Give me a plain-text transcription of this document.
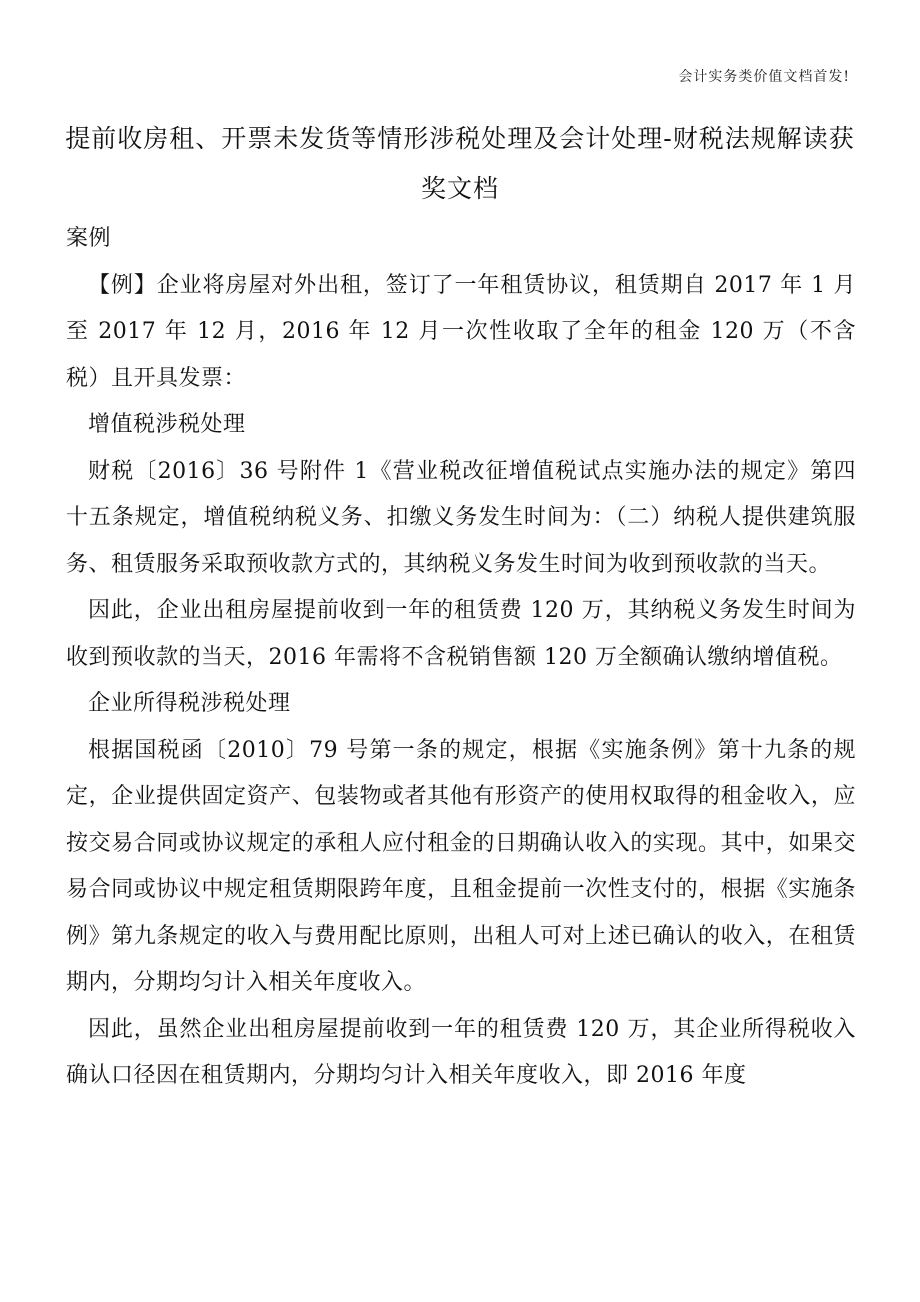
会计实务类价值文档首发!
提前收房租、开票未发货等情形涉税处理及会计处理-财税法规解读获奖文档

案例

【例】企业将房屋对外出租，签订了一年租赁协议，租赁期自 2017 年 1 月至 2017 年 12 月，2016 年 12 月一次性收取了全年的租金 120 万（不含税）且开具发票：

增值税涉税处理

财税〔2016〕36 号附件 1《营业税改征增值税试点实施办法的规定》第四十五条规定，增值税纳税义务、扣缴义务发生时间为：（二）纳税人提供建筑服务、租赁服务采取预收款方式的，其纳税义务发生时间为收到预收款的当天。

因此，企业出租房屋提前收到一年的租赁费 120 万，其纳税义务发生时间为收到预收款的当天，2016 年需将不含税销售额 120 万全额确认缴纳增值税。

企业所得税涉税处理

根据国税函〔2010〕79 号第一条的规定，根据《实施条例》第十九条的规定，企业提供固定资产、包装物或者其他有形资产的使用权取得的租金收入，应按交易合同或协议规定的承租人应付租金的日期确认收入的实现。其中，如果交易合同或协议中规定租赁期限跨年度，且租金提前一次性支付的，根据《实施条例》第九条规定的收入与费用配比原则，出租人可对上述已确认的收入，在租赁期内，分期均匀计入相关年度收入。

因此，虽然企业出租房屋提前收到一年的租赁费 120 万，其企业所得税收入确认口径因在租赁期内，分期均匀计入相关年度收入，即 2016 年度
